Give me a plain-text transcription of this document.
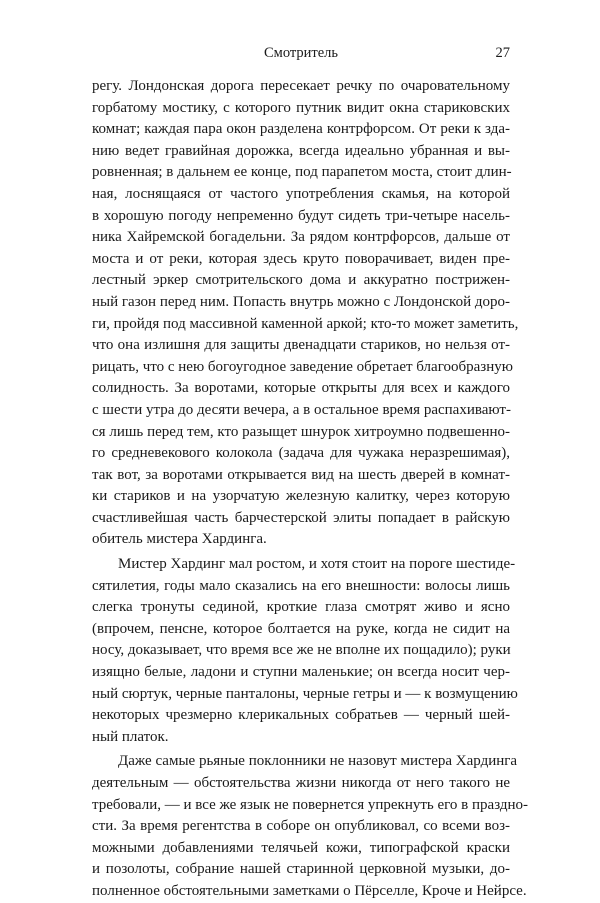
Смотритель	27

регу. Лондонская дорога пересекает речку по очаровательному
горбатому мостику, с которого путник видит окна стариковских
комнат; каждая пара окон разделена контрфорсом. От реки к зда-
нию ведет гравийная дорожка, всегда идеально убранная и вы-
ровненная; в дальнем ее конце, под парапетом моста, стоит длин-
ная, лоснящаяся от частого употребления скамья, на которой
в хорошую погоду непременно будут сидеть три-четыре насель-
ника Хайремской богадельни. За рядом контрфорсов, дальше от
моста и от реки, которая здесь круто поворачивает, виден пре-
лестный эркер смотрительского дома и аккуратно пострижен-
ный газон перед ним. Попасть внутрь можно с Лондонской доро-
ги, пройдя под массивной каменной аркой; кто-то может заметить,
что она излишня для защиты двенадцати стариков, но нельзя от-
рицать, что с нею богоугодное заведение обретает благообразную
солидность. За воротами, которые открыты для всех и каждого
с шести утра до десяти вечера, а в остальное время распахивают-
ся лишь перед тем, кто разыщет шнурок хитроумно подвешенно-
го средневекового колокола (задача для чужака неразрешимая),
так вот, за воротами открывается вид на шесть дверей в комнат-
ки стариков и на узорчатую железную калитку, через которую
счастливейшая часть барчестерской элиты попадает в райскую
обитель мистера Хардинга.

Мистер Хардинг мал ростом, и хотя стоит на пороге шестиде-
сятилетия, годы мало сказались на его внешности: волосы лишь
слегка тронуты сединой, кроткие глаза смотрят живо и ясно
(впрочем, пенсне, которое болтается на руке, когда не сидит на
носу, доказывает, что время все же не вполне их пощадило); руки
изящно белые, ладони и ступни маленькие; он всегда носит чер-
ный сюртук, черные панталоны, черные гетры и — к возмущению
некоторых чрезмерно клерикальных собратьев — черный шей-
ный платок.

Даже самые рьяные поклонники не назовут мистера Хардинга
деятельным — обстоятельства жизни никогда от него такого не
требовали, — и все же язык не повернется упрекнуть его в праздно-
сти. За время регентства в соборе он опубликовал, со всеми воз-
можными добавлениями телячьей кожи, типографской краски
и позолоты, собрание нашей старинной церковной музыки, до-
полненное обстоятельными заметками о Пёрселле, Кроче и Нейрсе.
